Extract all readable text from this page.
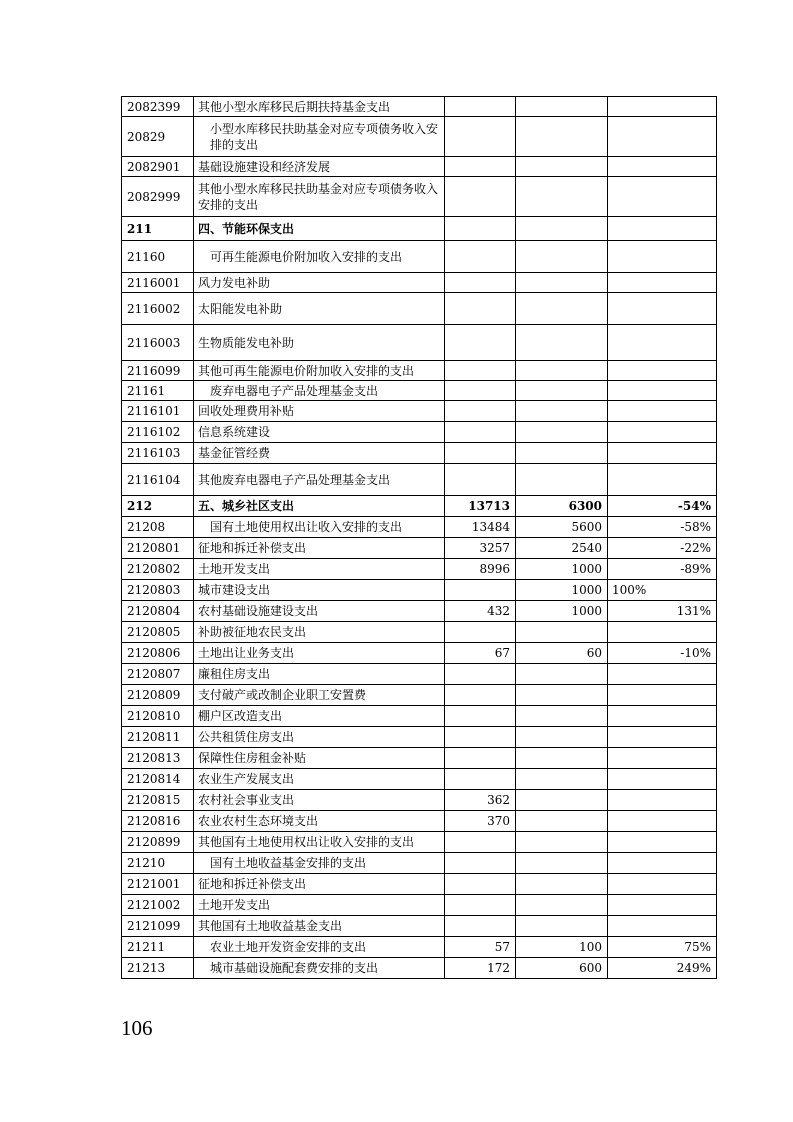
2082399	其他小型水库移民后期扶持基金支出			
20829	小型水库移民扶助基金对应专项债务收入安排的支出			
2082901	基础设施建设和经济发展			
2082999	其他小型水库移民扶助基金对应专项债务收入安排的支出			
211	四、节能环保支出			
21160	可再生能源电价附加收入安排的支出			
2116001	风力发电补助			
2116002	太阳能发电补助			
2116003	生物质能发电补助			
2116099	其他可再生能源电价附加收入安排的支出			
21161	废弃电器电子产品处理基金支出			
2116101	回收处理费用补贴			
2116102	信息系统建设			
2116103	基金征管经费			
2116104	其他废弃电器电子产品处理基金支出			
212	五、城乡社区支出	13713	6300	-54%
21208	国有土地使用权出让收入安排的支出	13484	5600	-58%
2120801	征地和拆迁补偿支出	3257	2540	-22%
2120802	土地开发支出	8996	1000	-89%
2120803	城市建设支出		1000	100%
2120804	农村基础设施建设支出	432	1000	131%
2120805	补助被征地农民支出			
2120806	土地出让业务支出	67	60	-10%
2120807	廉租住房支出			
2120809	支付破产或改制企业职工安置费			
2120810	棚户区改造支出			
2120811	公共租赁住房支出			
2120813	保障性住房租金补贴			
2120814	农业生产发展支出			
2120815	农村社会事业支出	362		
2120816	农业农村生态环境支出	370		
2120899	其他国有土地使用权出让收入安排的支出			
21210	国有土地收益基金安排的支出			
2121001	征地和拆迁补偿支出			
2121002	土地开发支出			
2121099	其他国有土地收益基金支出			
21211	农业土地开发资金安排的支出	57	100	75%
21213	城市基础设施配套费安排的支出	172	600	249%
106
